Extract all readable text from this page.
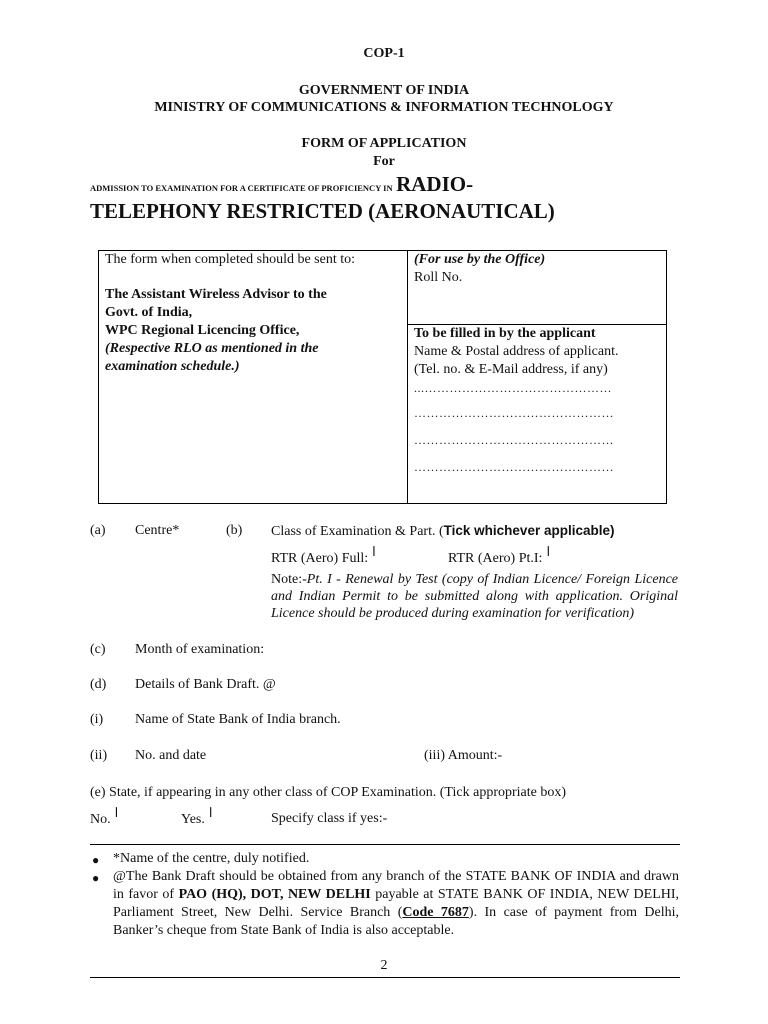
COP-1
GOVERNMENT OF INDIA
MINISTRY OF COMMUNICATIONS & INFORMATION TECHNOLOGY
FORM OF APPLICATION
For
ADMISSION TO EXAMINATION FOR A CERTIFICATE OF PROFICIENCY IN RADIO-
TELEPHONY RESTRICTED (AERONAUTICAL)
The form when completed should be sent to:
The Assistant Wireless Advisor to the
Govt. of India,
WPC Regional Licencing Office,
(Respective RLO as mentioned in the
examination schedule.)
(For use by the Office)
Roll No.
To be filled in by the applicant
Name & Postal address of applicant.
(Tel. no. & E-Mail address, if any)
...………………………………………
…………………………………………
…………………………………………
…………………………………………
(a) Centre*	(b) Class of Examination & Part. (Tick whichever applicable)
RTR (Aero) Full: ا	RTR (Aero) Pt.I: ا
Note:-Pt. I - Renewal by Test (copy of Indian Licence/ Foreign Licence and Indian Permit to be submitted along with application. Original Licence should be produced during examination for verification)
(c) Month of examination:
(d) Details of Bank Draft. @
(i) Name of State Bank of India branch.
(ii) No. and date	(iii) Amount:-
(e) State, if appearing in any other class of COP Examination. (Tick appropriate box)
No. ا	Yes. ا	Specify class if yes:-
● *Name of the centre, duly notified.
● @The Bank Draft should be obtained from any branch of the STATE BANK OF INDIA and drawn in favor of PAO (HQ), DOT, NEW DELHI payable at STATE BANK OF INDIA, NEW DELHI, Parliament Street, New Delhi. Service Branch (Code 7687). In case of payment from Delhi, Banker’s cheque from State Bank of India is also acceptable.
2
